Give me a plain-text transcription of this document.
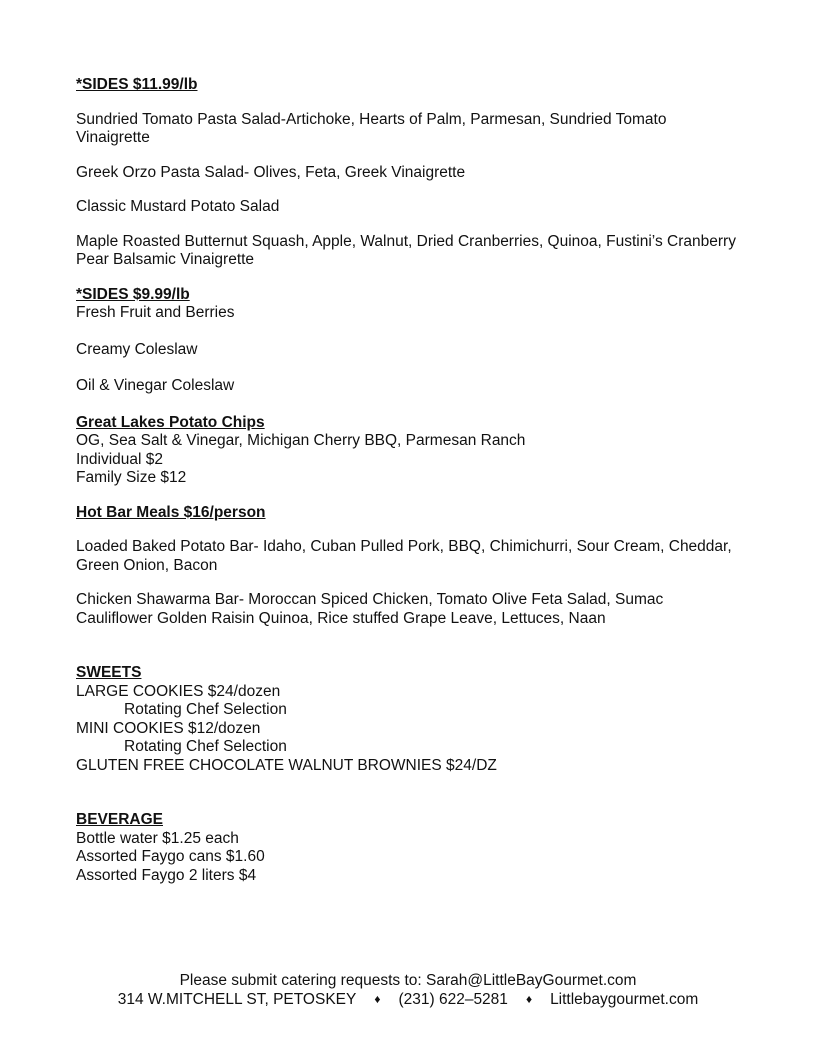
*SIDES $11.99/lb
Sundried Tomato Pasta Salad-Artichoke, Hearts of Palm, Parmesan, Sundried Tomato Vinaigrette
Greek Orzo Pasta Salad- Olives, Feta, Greek Vinaigrette
Classic Mustard Potato Salad
Maple Roasted Butternut Squash, Apple, Walnut, Dried Cranberries, Quinoa, Fustini’s Cranberry Pear Balsamic Vinaigrette
*SIDES $9.99/lb
Fresh Fruit and Berries
Creamy Coleslaw
Oil & Vinegar Coleslaw
Great Lakes Potato Chips
OG, Sea Salt & Vinegar, Michigan Cherry BBQ, Parmesan Ranch
Individual $2
Family Size $12
Hot Bar Meals $16/person
Loaded Baked Potato Bar- Idaho, Cuban Pulled Pork, BBQ, Chimichurri, Sour Cream, Cheddar, Green Onion, Bacon
Chicken Shawarma Bar- Moroccan Spiced Chicken, Tomato Olive Feta Salad, Sumac Cauliflower Golden Raisin Quinoa, Rice stuffed Grape Leave, Lettuces, Naan
SWEETS
LARGE COOKIES $24/dozen
Rotating Chef Selection
MINI COOKIES $12/dozen
Rotating Chef Selection
GLUTEN FREE CHOCOLATE WALNUT BROWNIES $24/DZ
BEVERAGE
Bottle water $1.25 each
Assorted Faygo cans $1.60
Assorted Faygo 2 liters $4
Please submit catering requests to: Sarah@LittleBayGourmet.com
314 W.MITCHELL ST, PETOSKEY ♦ (231) 622–5281 ♦ Littlebaygourmet.com
